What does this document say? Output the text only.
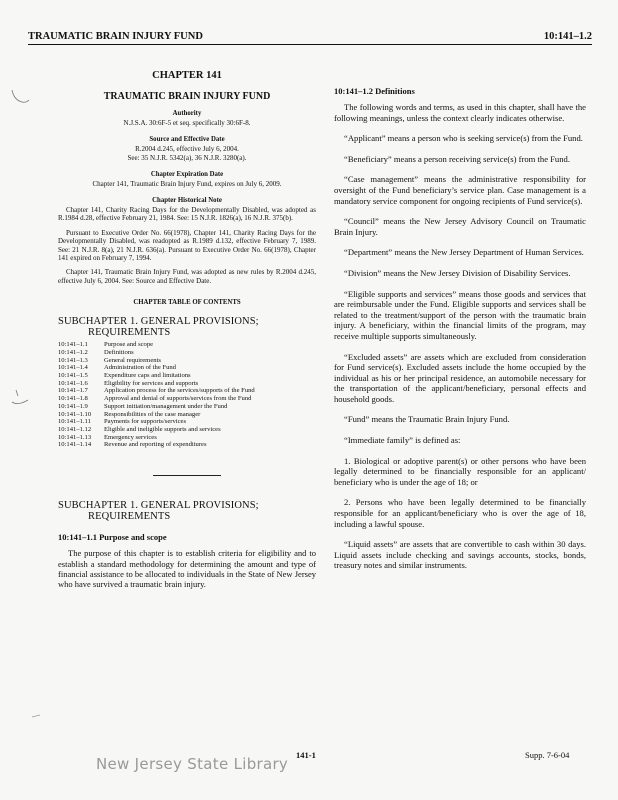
TRAUMATIC BRAIN INJURY FUND	10:141–1.2
CHAPTER 141
TRAUMATIC BRAIN INJURY FUND
Authority
N.J.S.A. 30:6F-5 et seq. specifically 30:6F-8.
Source and Effective Date
R.2004 d.245, effective July 6, 2004.
See: 35 N.J.R. 5342(a), 36 N.J.R. 3280(a).
Chapter Expiration Date
Chapter 141, Traumatic Brain Injury Fund, expires on July 6, 2009.
Chapter Historical Note

Chapter 141, Charity Racing Days for the Developmentally Disabled, was adopted as R.1984 d.28, effective February 21, 1984. See: 15 N.J.R. 1826(a), 16 N.J.R. 375(b).

Pursuant to Executive Order No. 66(1978), Chapter 141, Charity Racing Days for the Developmentally Disabled, was readopted as R.1989 d.132, effective February 7, 1989. See: 21 N.J.R. 8(a), 21 N.J.R. 636(a). Pursuant to Executive Order No. 66(1978), Chapter 141 expired on February 7, 1994.

Chapter 141, Traumatic Brain Injury Fund, was adopted as new rules by R.2004 d.245, effective July 6, 2004. See: Source and Effective Date.

CHAPTER TABLE OF CONTENTS
SUBCHAPTER 1. GENERAL PROVISIONS;
REQUIREMENTS
10:141–1.1	Purpose and scope
10:141–1.2	Definitions
10:141–1.3	General requirements
10:141–1.4	Administration of the Fund
10:141–1.5	Expenditure caps and limitations
10:141–1.6	Eligibility for services and supports
10:141–1.7	Application process for the services/supports of the Fund
10:141–1.8	Approval and denial of supports/services from the Fund
10:141–1.9	Support initiation/management under the Fund
10:141–1.10	Responsibilities of the case manager
10:141–1.11	Payments for supports/services
10:141–1.12	Eligible and ineligible supports and services
10:141–1.13	Emergency services
10:141–1.14	Revenue and reporting of expenditures
SUBCHAPTER 1. GENERAL PROVISIONS;
REQUIREMENTS
10:141–1.1 Purpose and scope

The purpose of this chapter is to establish criteria for eligibility and to establish a standard methodology for determining the amount and type of financial assistance to be allocated to individuals in the State of New Jersey who have survived a traumatic brain injury.

10:141–1.2 Definitions

The following words and terms, as used in this chapter, shall have the following meanings, unless the context clearly indicates otherwise.

“Applicant” means a person who is seeking service(s) from the Fund.

“Beneficiary” means a person receiving service(s) from the Fund.

“Case management” means the administrative responsibility for oversight of the Fund beneficiary’s service plan. Case management is a mandatory service component for ongoing recipients of Fund service(s).

“Council” means the New Jersey Advisory Council on Traumatic Brain Injury.

“Department” means the New Jersey Department of Human Services.

“Division” means the New Jersey Division of Disability Services.

“Eligible supports and services” means those goods and services that are reimbursable under the Fund. Eligible supports and services shall be related to the treatment/support of the person with the traumatic brain injury. A beneficiary, within the financial limits of the program, may receive multiple supports simultaneously.

“Excluded assets” are assets which are excluded from consideration for Fund service(s). Excluded assets include the home occupied by the individual as his or her principal residence, an automobile necessary for the transportation of the applicant/beneficiary, personal effects and household goods.

“Fund” means the Traumatic Brain Injury Fund.

“Immediate family” is defined as:

1. Biological or adoptive parent(s) or other persons who have been legally determined to be financially responsible for an applicant/ beneficiary who is under the age of 18; or

2. Persons who have been legally determined to be financially responsible for an applicant/beneficiary who is over the age of 18, including a lawful spouse.

“Liquid assets” are assets that are convertible to cash within 30 days. Liquid assets include checking and savings accounts, stocks, bonds, treasury notes and similar instruments.

141-1	Supp. 7-6-04
New Jersey State Library
